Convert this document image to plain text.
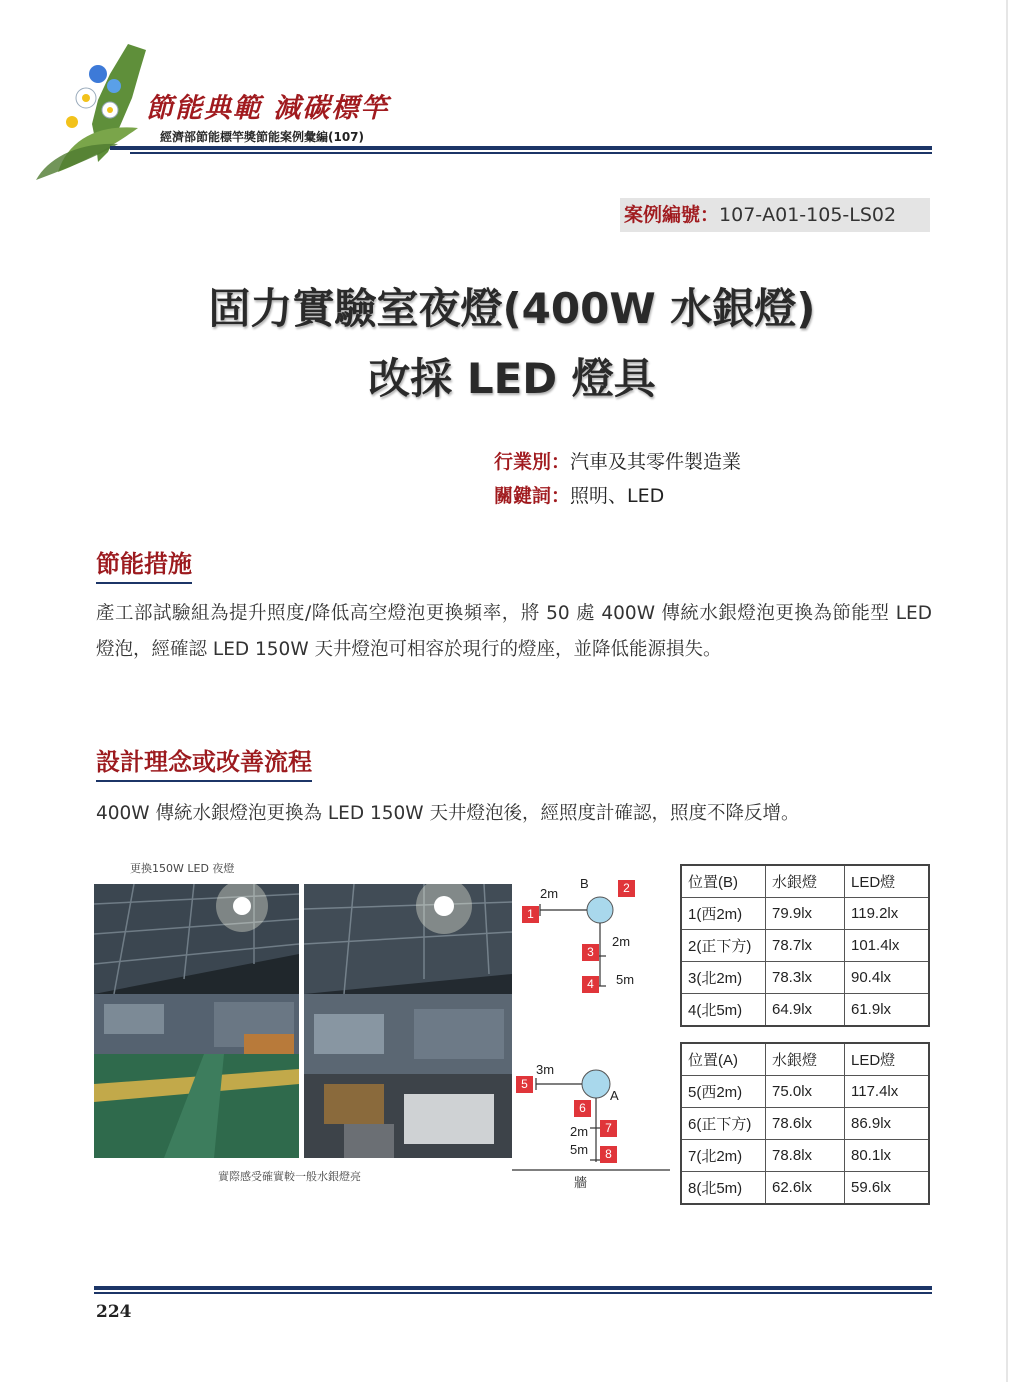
節能典範 減碳標竿
經濟部節能標竿獎節能案例彙編(107)
案例編號：107-A01-105-LS02
固力實驗室夜燈(400W 水銀燈)
改採 LED 燈具
行業別：汽車及其零件製造業
關鍵詞：照明、LED
節能措施
產工部試驗組為提升照度/降低高空燈泡更換頻率，將 50 處 400W 傳統水銀燈泡更換為節能型 LED 燈泡，經確認 LED 150W 天井燈泡可相容於現行的燈座，並降低能源損失。
設計理念或改善流程
400W 傳統水銀燈泡更換為 LED 150W 天井燈泡後，經照度計確認，照度不降反增。
更換150W LED 夜燈
實際感受確實較一般水銀燈亮
B
2m	2
1
2m
3
4	5m
3m
5
A
6
2m	7
5m	8
牆
位置(B)	水銀燈	LED燈
1(西2m)	79.9lx	119.2lx
2(正下方)	78.7lx	101.4lx
3(北2m)	78.3lx	90.4lx
4(北5m)	64.9lx	61.9lx
位置(A)	水銀燈	LED燈
5(西2m)	75.0lx	117.4lx
6(正下方)	78.6lx	86.9lx
7(北2m)	78.8lx	80.1lx
8(北5m)	62.6lx	59.6lx
224
